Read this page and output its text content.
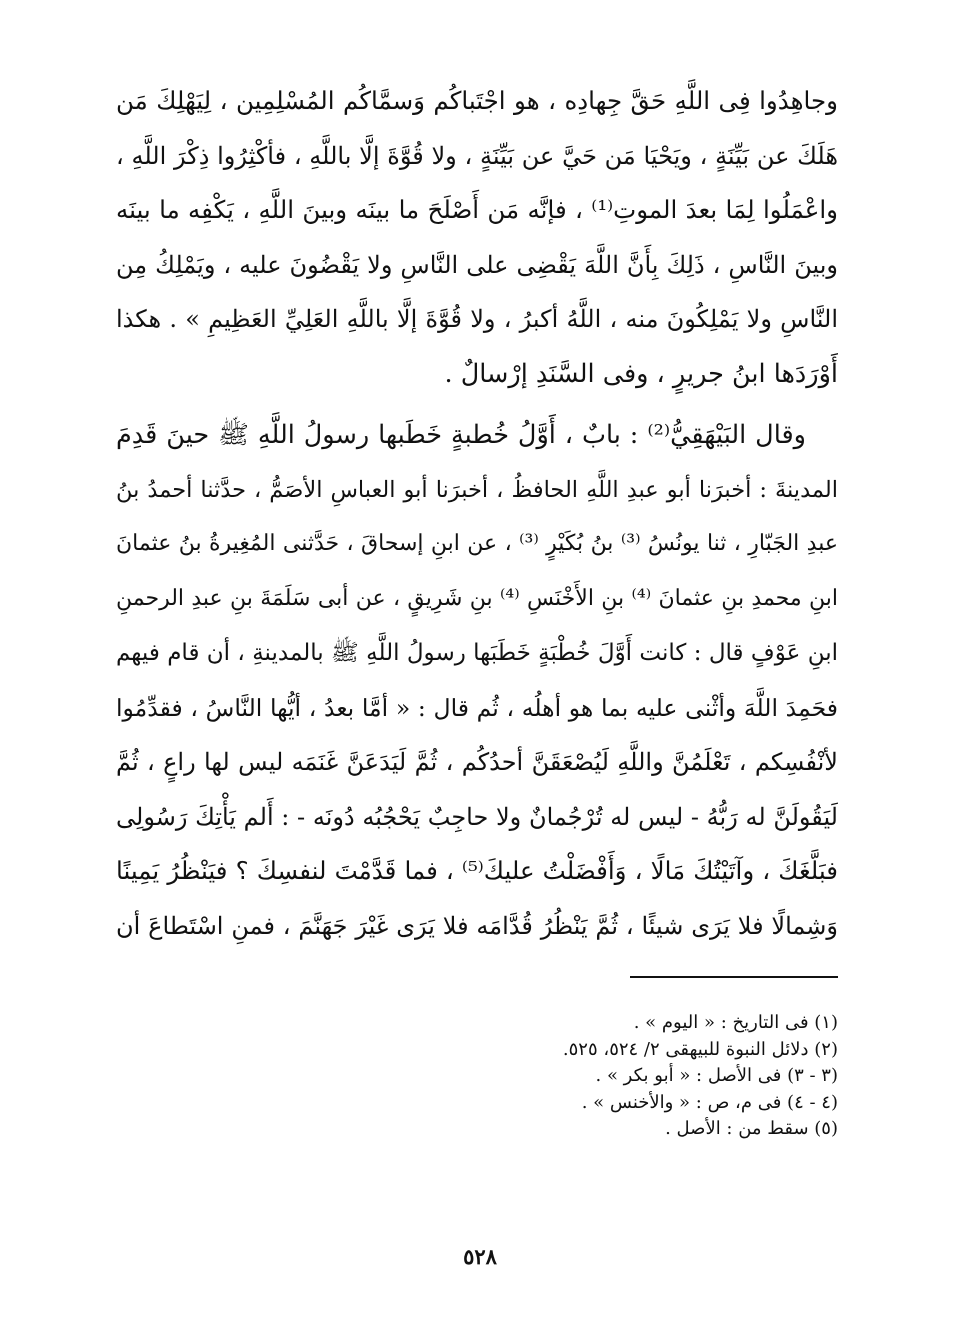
وجاهِدُوا فِى اللَّهِ حَقَّ جِهادِه ، هو اجْتَباكُم وَسمَّاكُم المُسْلِمِين ، لِيَهْلِكَ مَن
هَلَكَ عن بَيِّنَةٍ ، ويَحْيَا مَن حَيَّ عن بَيِّنَةٍ ، ولا قُوَّةَ إلَّا باللَّهِ ، فأكْثِرُوا ذِكْرَ اللَّهِ ،
واعْمَلُوا لِمَا بعدَ الموتِ⁽¹⁾ ، فإنَّه مَن أَصْلَحَ ما بينَه وبينَ اللَّهِ ، يَكْفِه ما بينَه
وبينَ النَّاسِ ، ذَلِكَ بِأَنَّ اللَّهَ يَقْضِى على النَّاسِ ولا يَقْضُونَ عليه ، ويَمْلِكُ مِن
النَّاسِ ولا يَمْلِكُونَ منه ، اللَّهُ أكبرُ ، ولا قُوَّةَ إلَّا باللَّهِ العَلِيِّ العَظِيمِ » . هكذا
أَوْرَدَها ابنُ جريرٍ ، وفى السَّنَدِ إرْسالٌ .
وقال البَيْهَقِيُّ⁽²⁾ : بابٌ ، أَوَّلُ خُطبةٍ خَطَبها رسولُ اللَّهِ ﷺ حينَ قَدِمَ
المدينةَ : أخبرَنا أبو عبدِ اللَّهِ الحافظُ ، أخبرَنا أبو العباسِ الأصَمُّ ، حدَّثنا أحمدُ بنُ
عبدِ الجَبّارِ ، ثنا يونُسُ ⁽³⁾ بنُ بُكَيْرٍ ⁽³⁾ ، عن ابنِ إسحاقَ ، حَدَّثنى المُغِيرةُ بنُ عثمانَ
ابنِ محمدِ بنِ عثمانَ ⁽⁴⁾ بنِ الأَخْنَسِ ⁽⁴⁾ بنِ شَرِيقٍ ، عن أبى سَلَمَةَ بنِ عبدِ الرحمنِ
ابنِ عَوْفٍ قال : كانت أَوَّلَ خُطْبَةٍ خَطَبَها رسولُ اللَّهِ ﷺ بالمدينةِ ، أن قام فيهم
فحَمِدَ اللَّهَ وأثْنى عليه بما هو أهلُه ، ثُم قال : « أمَّا بعدُ ، أيُّها النَّاسُ ، فقدِّمُوا
لأنْفُسِكم ، تَعْلَمُنَّ واللَّهِ لَيُصْعَقَنَّ أحدُكُم ، ثُمَّ لَيَدَعَنَّ غَنَمَه ليس لها راعٍ ، ثُمَّ
لَيَقُولَنَّ له رَبُّهُ - ليس له تُرْجُمانٌ ولا حاجِبٌ يَحْجُبُه دُونَه - : أَلم يَأْتِكَ رَسُولِى
فبَلَّغَكَ ، وآتَيْتُكَ مَالًا ، وَأَفْضَلْتُ عليكَ⁽⁵⁾ ، فما قَدَّمْتَ لنفسِكَ ؟ فيَنْظُرُ يَمِينًا
وَشِمالًا فلا يَرَى شيئًا ، ثُمَّ يَنْظُرُ قُدَّامَه فلا يَرَى غَيْرَ جَهَنَّمَ ، فمنِ اسْتَطاعَ أن
(١) فى التاريخ : « اليوم » .
(٢) دلائل النبوة للبيهقى ٢/ ٥٢٤، ٥٢٥.
(٣ - ٣) فى الأصل : « أبو بكر » .
(٤ - ٤) فى م، ص : « والأخنس » .
(٥) سقط من : الأصل .
٥٢٨
